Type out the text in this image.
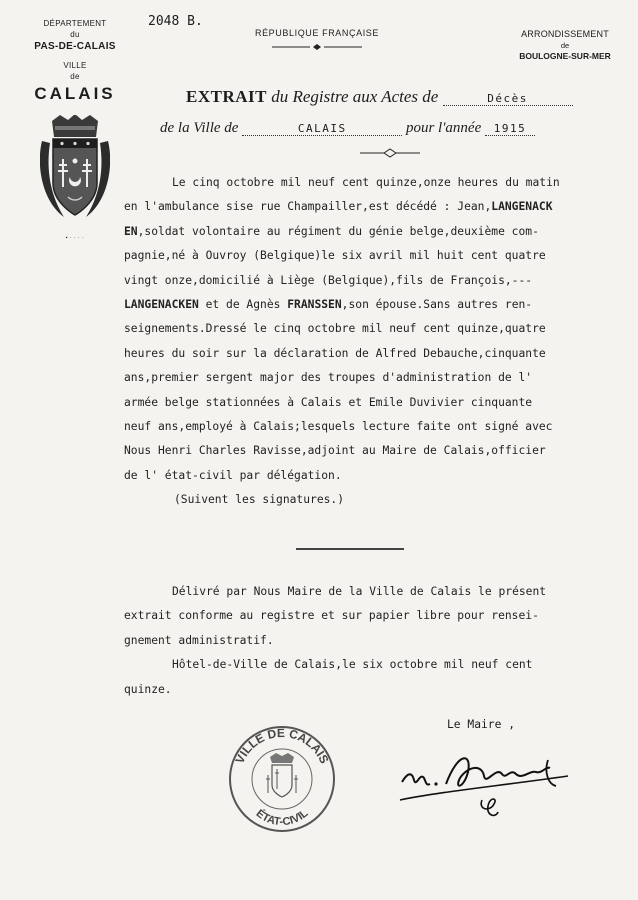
DÉPARTEMENT
du
PAS-DE-CALAIS
VILLE
de
CALAIS
▪ · · · ·
2048 B.
RÉPUBLIQUE FRANÇAISE	ARRONDISSEMENT
de
BOULOGNE-SUR-MER
EXTRAIT du Registre aux Actes de	Décès
de la Ville de	CALAIS	pour l'année 1915
Le cinq octobre mil neuf cent quinze,onze heures du matin
en l'ambulance sise rue Champailler,est décédé : Jean,LANGENACK
EN,soldat volontaire au régiment du génie belge,deuxième com-
pagnie,né à Ouvroy (Belgique)le six avril mil huit cent quatre
vingt onze,domicilié à Liège (Belgique),fils de François,---
LANGENACKEN et de Agnès FRANSSEN,son épouse.Sans autres ren-
seignements.Dressé le cinq octobre mil neuf cent quinze,quatre
heures du soir sur la déclaration de Alfred Debauche,cinquante
ans,premier sergent major des troupes d'administration de l'
armée belge stationnées à Calais et Emile Duvivier cinquante
neuf ans,employé à Calais;lesquels lecture faite ont signé avec
Nous Henri Charles Ravisse,adjoint au Maire de Calais,officier
de l' état-civil par délégation.
(Suivent les signatures.)
Délivré par Nous Maire de la Ville de Calais le présent
extrait conforme au registre et sur papier libre pour rensei-
gnement administratif.
Hôtel-de-Ville de Calais,le six octobre mil neuf cent
quinze.
Le Maire ,
VILLE DE CALAIS
ÉTAT-CIVIL
